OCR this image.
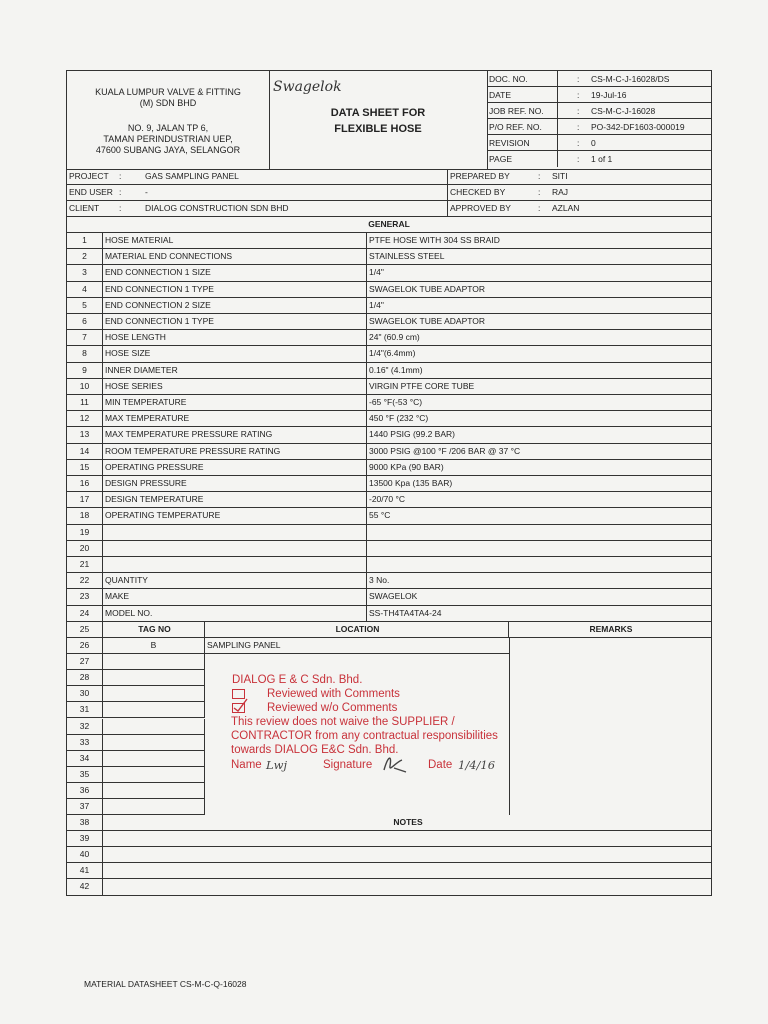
KUALA LUMPUR VALVE & FITTING
(M) SDN BHD
NO. 9, JALAN TP 6,
TAMAN PERINDUSTRIAN UEP,
47600 SUBANG JAYA, SELANGOR
Swagelok
DATA SHEET FOR
FLEXIBLE HOSE
DOC. NO.	: CS-M-C-J-16028/DS
DATE	: 19-Jul-16
JOB REF. NO.	: CS-M-C-J-16028
P/O REF. NO.	: PO-342-DF1603-000019
REVISION	: 0
PAGE	: 1 of 1
PROJECT :	GAS SAMPLING PANEL	PREPARED BY	: SITI
END USER :	-	CHECKED BY	: RAJ
CLIENT :	DIALOG CONSTRUCTION SDN BHD	APPROVED BY	: AZLAN
GENERAL
1	HOSE MATERIAL	PTFE HOSE WITH 304 SS BRAID
2	MATERIAL END CONNECTIONS	STAINLESS STEEL
3	END CONNECTION 1 SIZE	1/4"
4	END CONNECTION 1 TYPE	SWAGELOK TUBE ADAPTOR
5	END CONNECTION 2 SIZE	1/4"
6	END CONNECTION 1 TYPE	SWAGELOK TUBE ADAPTOR
7	HOSE LENGTH	24" (60.9 cm)
8	HOSE SIZE	1/4"(6.4mm)
9	INNER DIAMETER	0.16" (4.1mm)
10	HOSE SERIES	VIRGIN PTFE CORE TUBE
11	MIN TEMPERATURE	-65 °F(-53 °C)
12	MAX TEMPERATURE	450 °F (232 °C)
13	MAX TEMPERATURE PRESSURE RATING	1440 PSIG (99.2 BAR)
14	ROOM TEMPERATURE PRESSURE RATING	3000 PSIG @100 °F /206 BAR @ 37 °C
15	OPERATING PRESSURE	9000 KPa (90 BAR)
16	DESIGN PRESSURE	13500 Kpa (135 BAR)
17	DESIGN TEMPERATURE	-20/70 °C
18	OPERATING TEMPERATURE	55 °C
19
20
21
22	QUANTITY	3 No.
23	MAKE	SWAGELOK
24	MODEL NO.	SS-TH4TA4TA4-24
25	TAG NO	LOCATION	REMARKS
26	B	SAMPLING PANEL
27
28
30
31
32
33
34
35
36
37
38	NOTES
39
40
41
42
DIALOG E & C Sdn. Bhd.
Reviewed with Comments
Reviewed w/o Comments
This review does not waive the SUPPLIER /
CONTRACTOR from any contractual responsibilities
towards DIALOG E&C Sdn. Bhd.
Name Lwj	Signature	Date 1/4/16
MATERIAL DATASHEET CS-M-C-Q-16028
